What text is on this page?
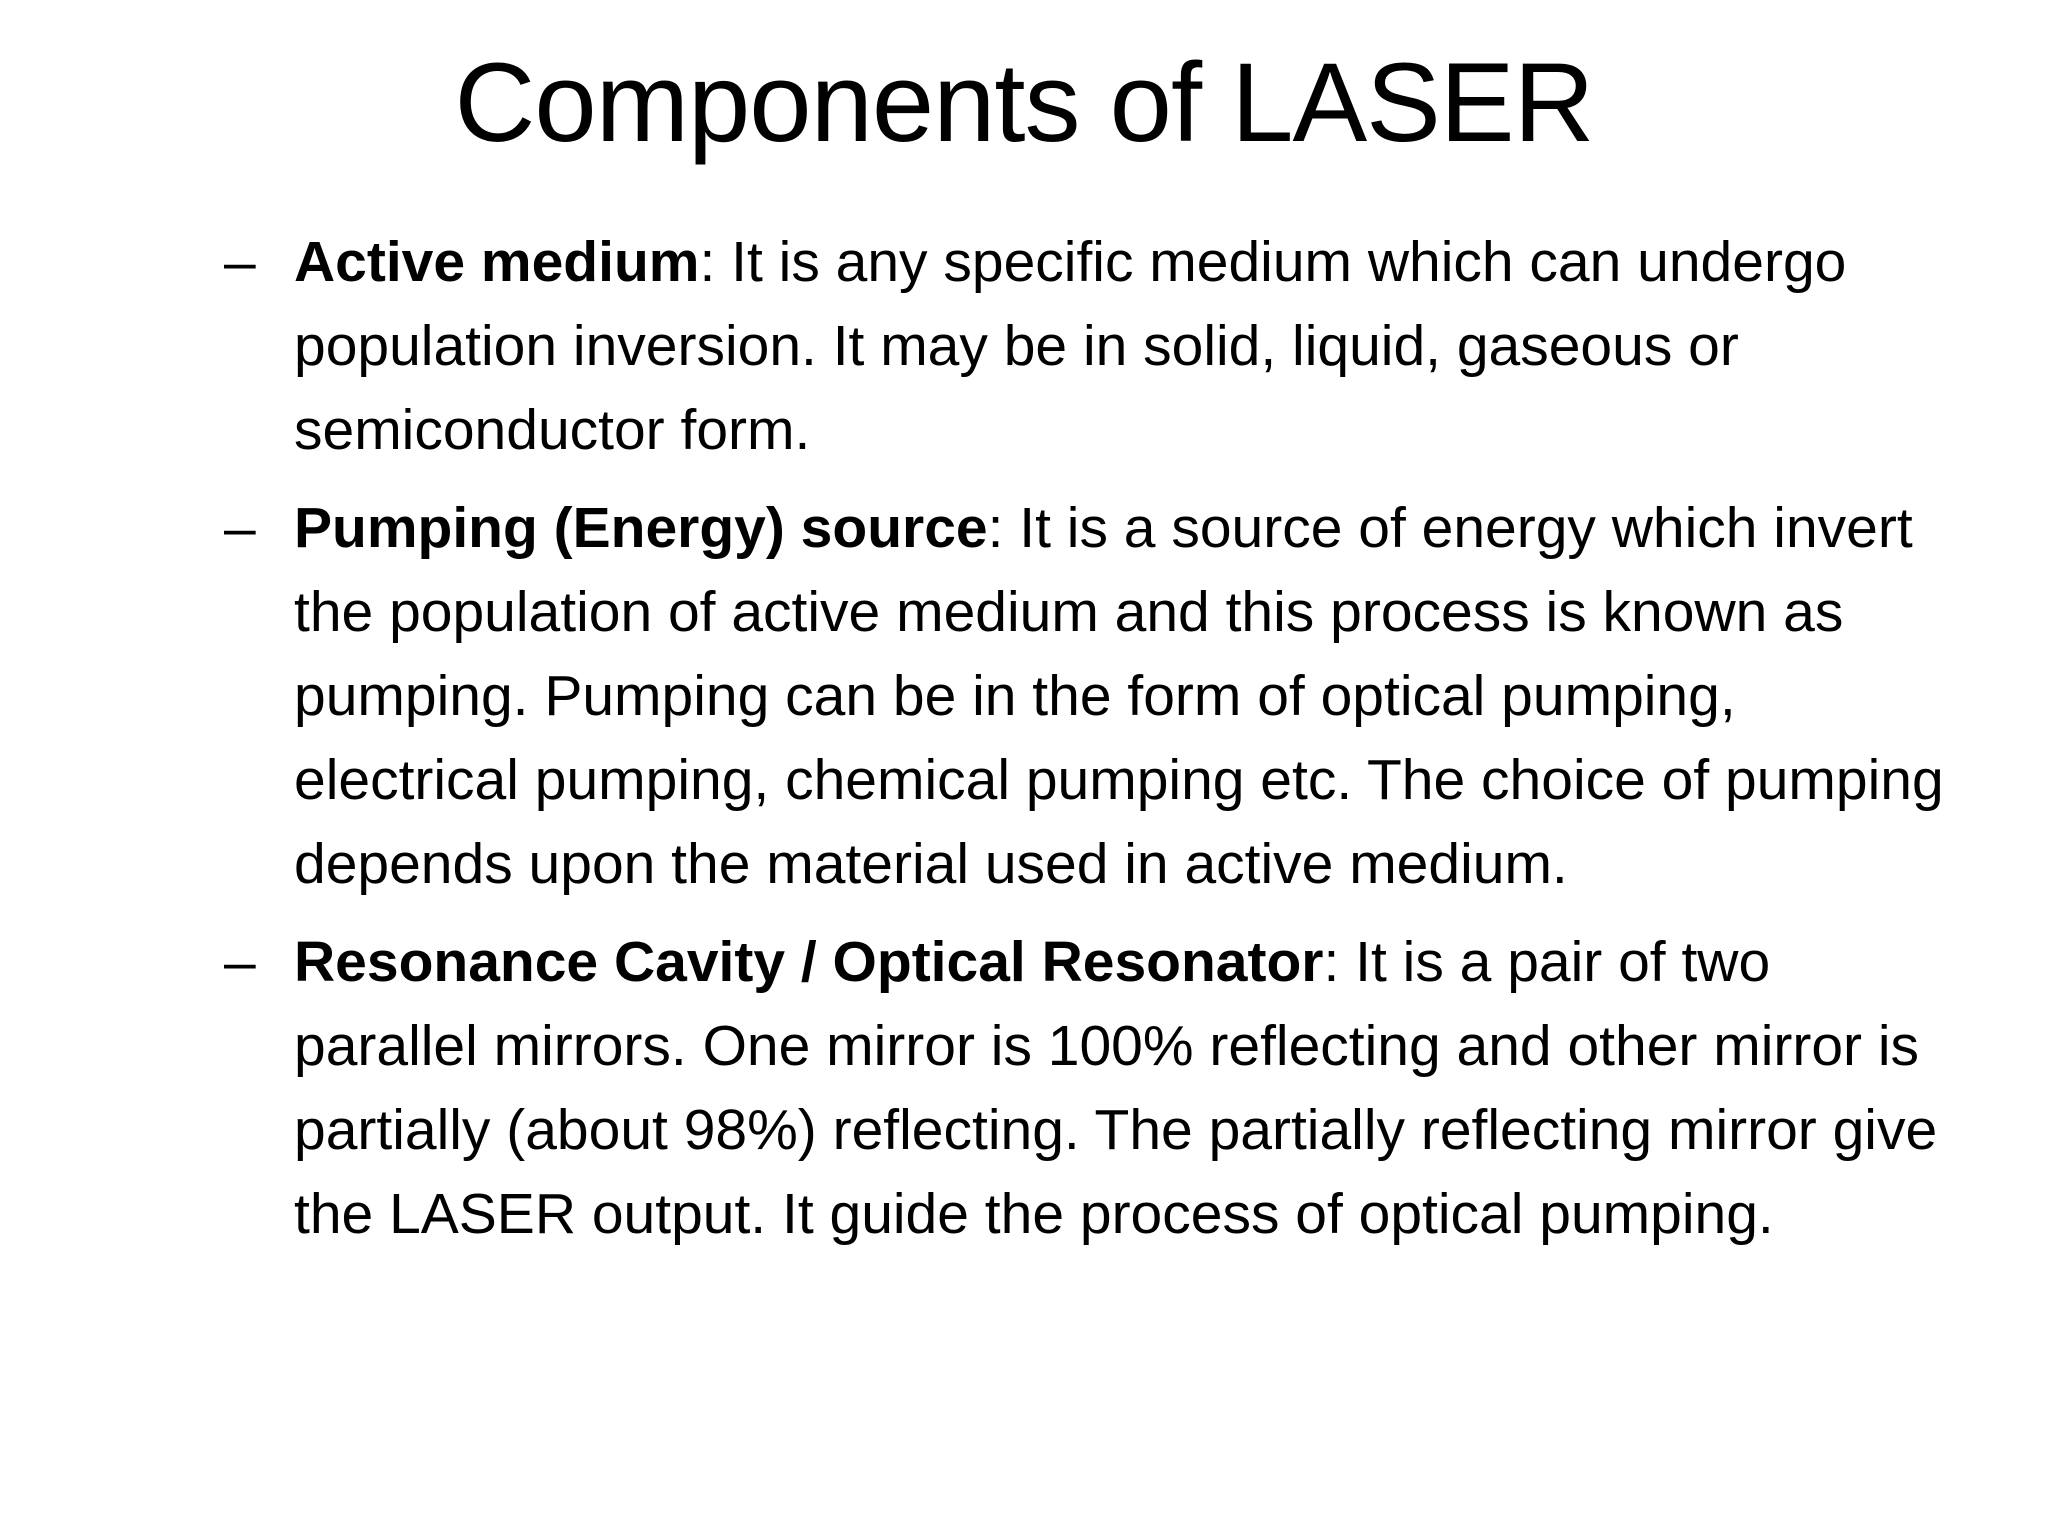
Components of LASER
– Active medium: It is any specific medium which can undergo population inversion. It may be in solid, liquid, gaseous or semiconductor form.
– Pumping (Energy) source: It is a source of energy which invert the population of active medium and this process is known as pumping. Pumping can be in the form of optical pumping, electrical pumping, chemical pumping etc. The choice of pumping depends upon the material used in active medium.
– Resonance Cavity / Optical Resonator: It is a pair of two parallel mirrors. One mirror is 100% reflecting and other mirror is partially (about 98%) reflecting. The partially reflecting mirror give the LASER output. It guide the process of optical pumping.
